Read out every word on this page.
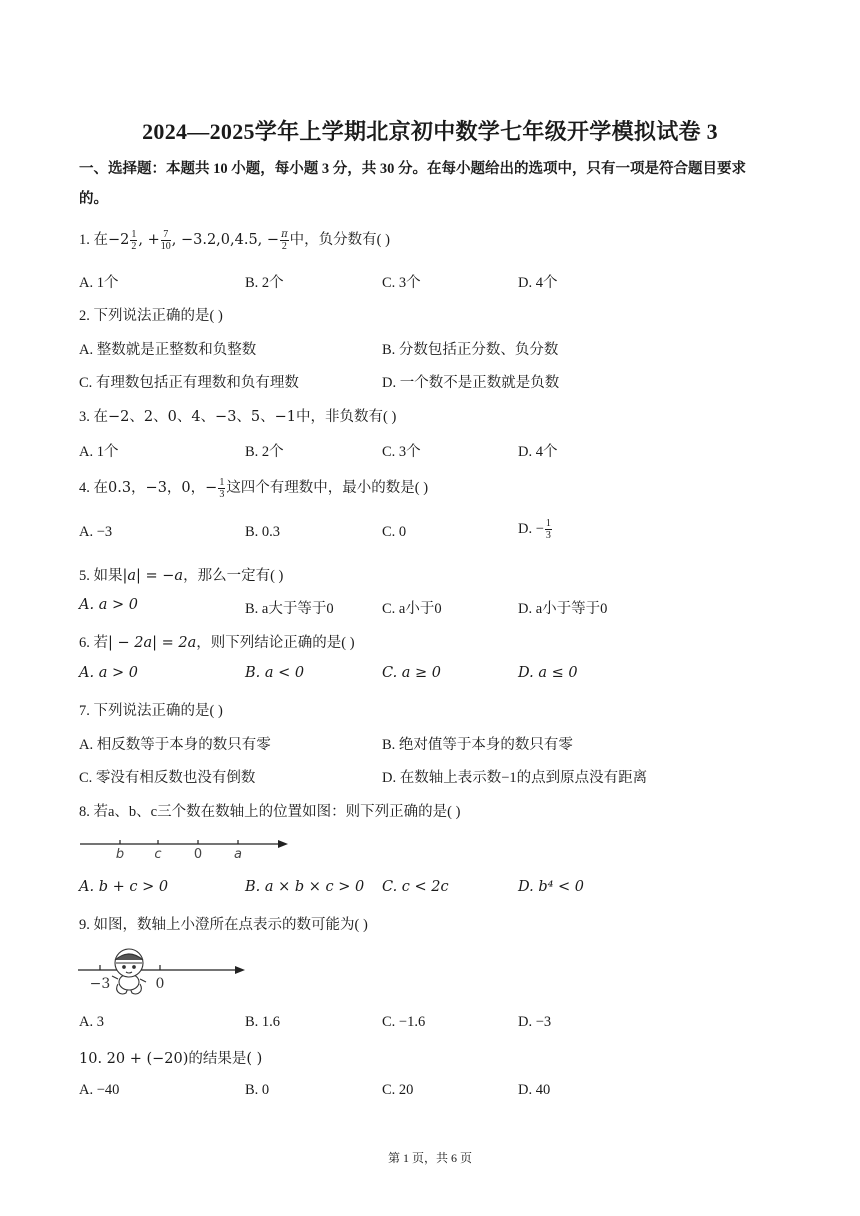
2024—2025学年上学期北京初中数学七年级开学模拟试卷 3
一、选择题：本题共 10 小题，每小题 3 分，共 30 分。在每小题给出的选项中，只有一项是符合题目要求
的。
1. 在$-2 \frac{1}{2}$ , + $\frac{7}{10}$ , −3.2,0,4.5, − $\frac{\pi}{2}$ 中，负分数有( )
A. 1个	B. 2个	C. 3个	D. 4个
2. 下列说法正确的是( )
A. 整数就是正整数和负整数	B. 分数包括正分数、负分数
C. 有理数包括正有理数和负有理数	D. 一个数不是正数就是负数
3. 在−2、2、0、4、−3、5、−1中，非负数有( )
A. 1个	B. 2个	C. 3个	D. 4个
4. 在0.3，−3，0，− $\frac{1}{3}$ 这四个有理数中，最小的数是( )
A. −3	B. 0.3	C. 0	D. − $\frac{1}{3}$
5. 如果|a| = −a，那么一定有( )
A. a > 0	B. a大于等于0	C. a小于0	D. a小于等于0
6. 若| − 2a| = 2a，则下列结论正确的是( )
A. a > 0	B. a < 0	C. a ≥ 0	D. a ≤ 0
7. 下列说法正确的是( )
A. 相反数等于本身的数只有零	B. 绝对值等于本身的数只有零
C. 零没有相反数也没有倒数	D. 在数轴上表示数−1的点到原点没有距离
8. 若a、b、c三个数在数轴上的位置如图：则下列正确的是( )
b c 0 a
A. b + c > 0	B. a × b × c > 0 C. c < 2c	D. b⁴ < 0
9. 如图，数轴上小澄所在点表示的数可能为( )
−3	0
A. 3	B. 1.6	C. −1.6	D. −3
10. 20 + (−20)的结果是( )
A. −40	B. 0	C. 20	D. 40
第 1 页，共 6 页
